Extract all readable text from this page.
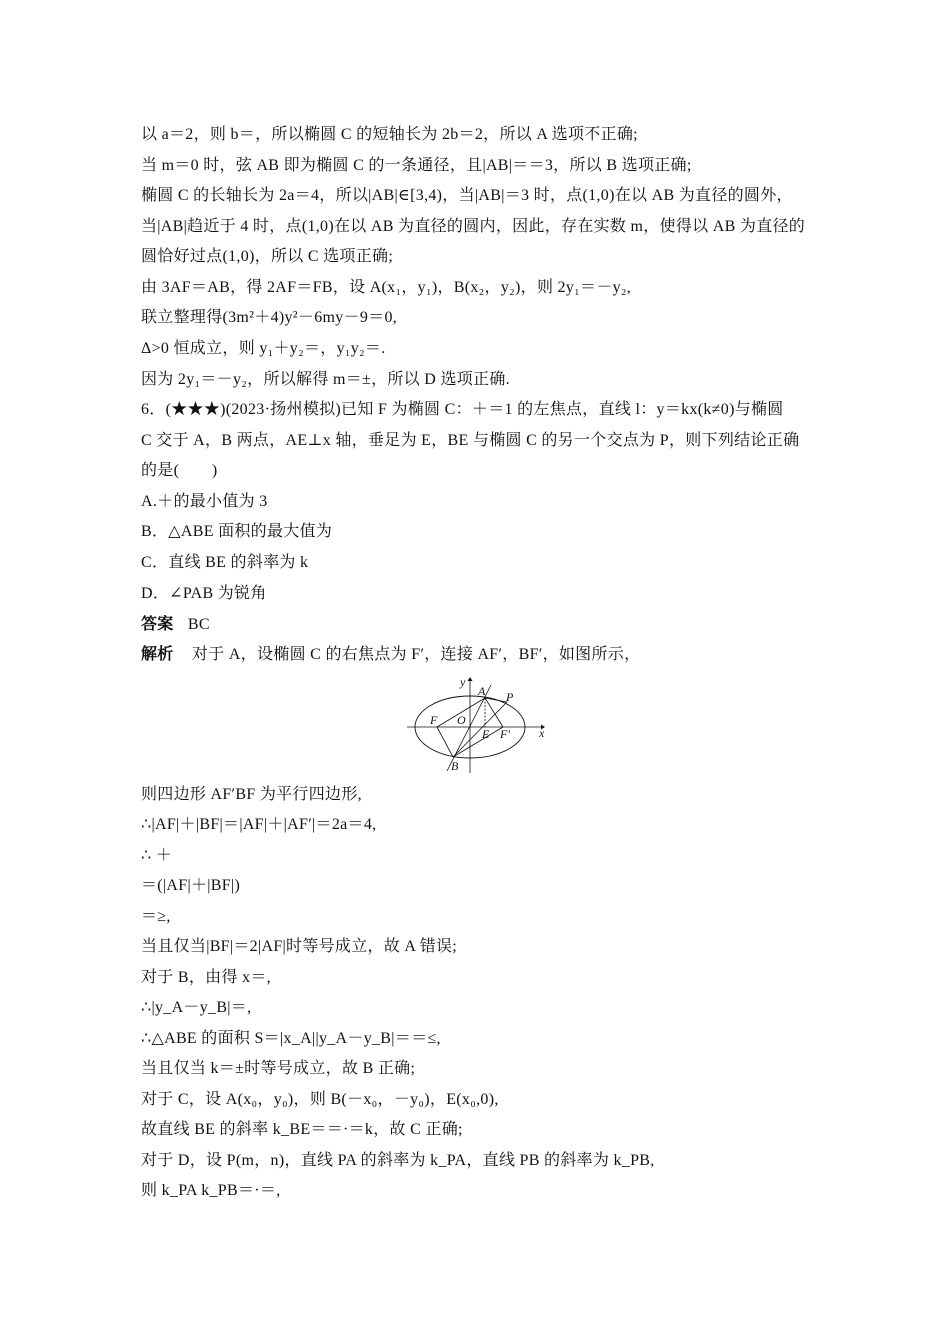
以 a＝2，则 b＝，所以椭圆 C 的短轴长为 2b＝2，所以 A 选项不正确;
当 m＝0 时，弦 AB 即为椭圆 C 的一条通径，且|AB|＝＝3，所以 B 选项正确;
椭圆 C 的长轴长为 2a＝4，所以|AB|∈[3,4)，当|AB|＝3 时，点(1,0)在以 AB 为直径的圆外，
当|AB|趋近于 4 时，点(1,0)在以 AB 为直径的圆内，因此，存在实数 m，使得以 AB 为直径的
圆恰好过点(1,0)，所以 C 选项正确;
由 3AF＝AB，得 2AF＝FB，设 A(x₁，y₁)，B(x₂，y₂)，则 2y₁＝－y₂,
联立整理得(3m²＋4)y²－6my－9＝0,
Δ>0 恒成立，则 y₁＋y₂＝，y₁y₂＝.
因为 2y₁＝－y₂，所以解得 m＝±，所以 D 选项正确.
6．(★★★)(2023·扬州模拟)已知 F 为椭圆 C：＋＝1 的左焦点，直线 l：y＝kx(k≠0)与椭圆
C 交于 A，B 两点，AE⊥x 轴，垂足为 E，BE 与椭圆 C 的另一个交点为 P，则下列结论正确
的是(　　)
A.＋的最小值为 3
B．△ABE 面积的最大值为
C．直线 BE 的斜率为 k
D．∠PAB 为锐角
答案 BC
解析 对于 A，设椭圆 C 的右焦点为 F′，连接 AF′，BF′，如图所示，
y
x
A P
F O
E F′
B
则四边形 AF′BF 为平行四边形,
∴|AF|＋|BF|＝|AF|＋|AF′|＝2a＝4,
∴ ＋
＝(|AF|＋|BF|)
＝≥,
当且仅当|BF|＝2|AF|时等号成立，故 A 错误;
对于 B，由得 x＝,
∴|y_A－y_B|＝,
∴△ABE 的面积 S＝|x_A||y_A－y_B|＝＝≤,
当且仅当 k＝±时等号成立，故 B 正确;
对于 C，设 A(x₀，y₀)，则 B(－x₀，－y₀)，E(x₀,0),
故直线 BE 的斜率 k_BE＝＝·＝k，故 C 正确;
对于 D，设 P(m，n)，直线 PA 的斜率为 k_PA，直线 PB 的斜率为 k_PB,
则 k_PA k_PB＝·＝,
